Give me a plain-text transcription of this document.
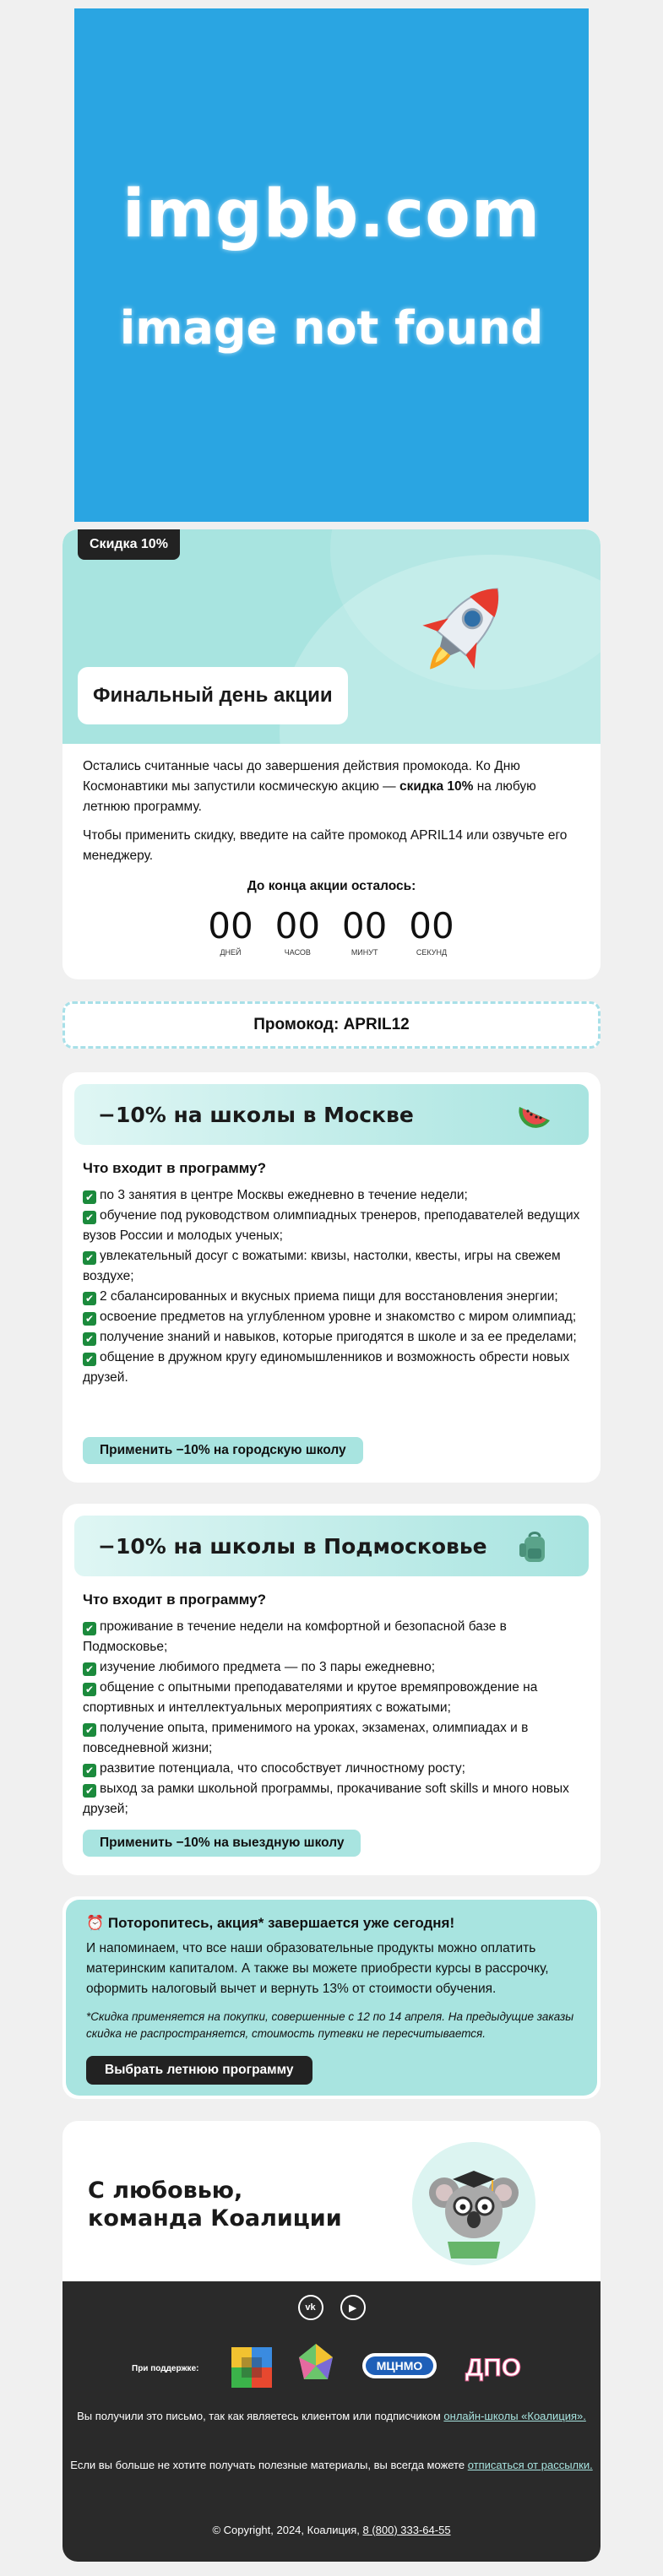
imgbb.com
image not found
Скидка 10%
Финальный день акции

Остались считанные часы до завершения действия промокода. Ко Дню Космонавтики мы запустили космическую акцию — скидка 10% на любую летнюю программу.

Чтобы применить скидку, введите на сайте промокод APRIL14 или озвучьте его менеджеру.

До конца акции осталось:
00
ДНЕЙ
00
ЧАСОВ
00
МИНУТ
00
СЕКУНД
Промокод: APRIL12
−10% на школы в Москве
Что входит в программу?
✔ по 3 занятия в центре Москвы ежедневно в течение недели;
✔ обучение под руководством олимпиадных тренеров, преподавателей ведущих вузов России и молодых ученых;
✔ увлекательный досуг с вожатыми: квизы, настолки, квесты, игры на свежем воздухе;
✔ 2 сбалансированных и вкусных приема пищи для восстановления энергии;
✔ освоение предметов на углубленном уровне и знакомство с миром олимпиад;
✔ получение знаний и навыков, которые пригодятся в школе и за ее пределами;
✔ общение в дружном кругу единомышленников и возможность обрести новых друзей.
Применить −10% на городскую школу
−10% на школы в Подмосковье
Что входит в программу?
✔ проживание в течение недели на комфортной и безопасной базе в Подмосковье;
✔ изучение любимого предмета — по 3 пары ежедневно;
✔ общение с опытными преподавателями и крутое времяпровождение на спортивных и интеллектуальных мероприятиях с вожатыми;
✔ получение опыта, применимого на уроках, экзаменах, олимпиадах и в повседневной жизни;
✔ развитие потенциала, что способствует личностному росту;
✔ выход за рамки школьной программы, прокачивание soft skills и много новых друзей;
Применить −10% на выездную школу
⏰ Поторопитесь, акция* завершается уже сегодня!
И напоминаем, что все наши образовательные продукты можно оплатить материнским капиталом. А также вы можете приобрести курсы в рассрочку, оформить налоговый вычет и вернуть 13% от стоимости обучения.
*Скидка применяется на покупки, совершенные с 12 по 14 апреля. На предыдущие заказы скидка не распространяется, стоимость путевки не пересчитывается.
Выбрать летнюю программу
С любовью,
команда Коалиции
vk	▶
При поддержке:	МЦНМО ДПО
Вы получили это письмо, так как являетесь клиентом или подписчиком онлайн-школы «Коалиция».
Если вы больше не хотите получать полезные материалы, вы всегда можете отписаться от рассылки.
© Copyright, 2024, Коалиция, 8 (800) 333-64-55
